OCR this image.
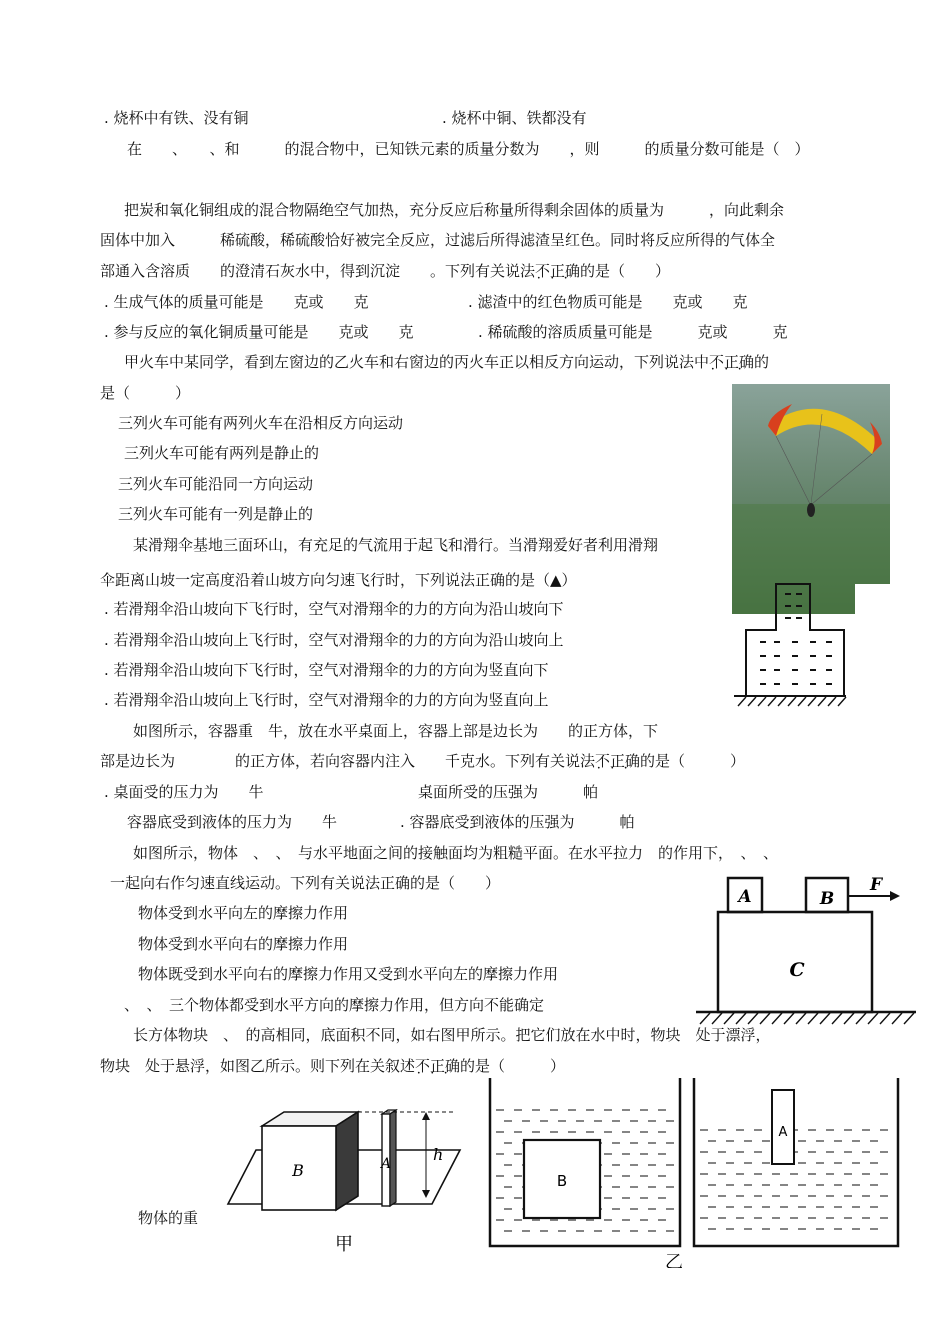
. 烧杯中有铁、没有铜	. 烧杯中铜、铁都没有
在　　、　　、和　　　的混合物中，已知铁元素的质量分数为　　，则　　　的质量分数可能是（　）
把炭和氧化铜组成的混合物隔绝空气加热，充分反应后称量所得剩余固体的质量为　　　，向此剩余
固体中加入　　　稀硫酸，稀硫酸恰好被完全反应，过滤后所得滤渣呈红色。同时将反应所得的气体全
部通入含溶质　　的澄清石灰水中，得到沉淀　　。下列有关说法不正确 • • •的是（　　）
. 生成气体的质量可能是　　克或　　克	. 滤渣中的红色物质可能是　　克或　　克
. 参与反应的氧化铜质量可能是　　克或　　克	. 稀硫酸的溶质质量可能是　　　克或　　　克
甲火车中某同学，看到左窗边的乙火车和右窗边的丙火车正以相反方向运动，下列说法中不正确 • • •的
是（　　　）
三列火车可能有两列火车在沿相反方向运动
三列火车可能有两列是静止的
三列火车可能沿同一方向运动
三列火车可能有一列是静止的
某滑翔伞基地三面环山，有充足的气流用于起飞和滑行。当滑翔爱好者利用滑翔
伞距离山坡一定高度沿着山坡方向匀速飞行时，下列说法正确的是（▲）
. 若滑翔伞沿山坡向下飞行时，空气对滑翔伞的力的方向为沿山坡向下
. 若滑翔伞沿山坡向上飞行时，空气对滑翔伞的力的方向为沿山坡向上
. 若滑翔伞沿山坡向下飞行时，空气对滑翔伞的力的方向为竖直向下
. 若滑翔伞沿山坡向上飞行时，空气对滑翔伞的力的方向为竖直向上
如图所示，容器重　牛，放在水平桌面上，容器上部是边长为　　的正方体，下
部是边长为　　　　的正方体，若向容器内注入　　千克水。下列有关说法不正确 • • •的是（　　　）
. 桌面受的压力为　　牛	桌面所受的压强为　　　帕
容器底受到液体的压力为　　牛	. 容器底受到液体的压强为　　　帕
如图所示，物体　、　、　与水平地面之间的接触面均为粗糙平面。在水平拉力　的作用下，　、　、
一起向右作匀速直线运动。下列有关说法正确的是（　　）
物体受到水平向左的摩擦力作用
物体受到水平向右的摩擦力作用
物体既受到水平向右的摩擦力作用又受到水平向左的摩擦力作用
、　、　三个物体都受到水平方向的摩擦力作用，但方向不能确定
长方体物块　、　的高相同，底面积不同，如右图甲所示。把它们放在水中时，物块　处于漂浮，
物块　处于悬浮，如图乙所示。则下列在关叙述不正确 • • •的是（　　　）
物体的重
A	B
C
F
B	A	h
甲
B
A
乙
